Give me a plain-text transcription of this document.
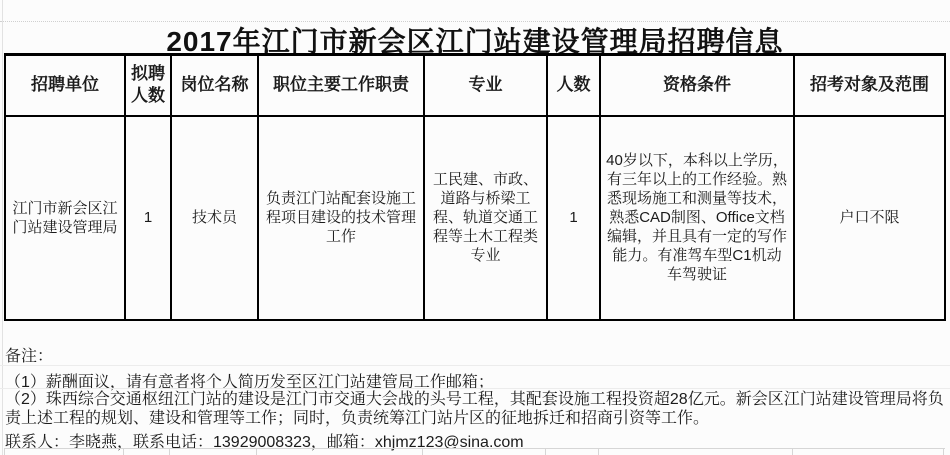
2017年江门市新会区江门站建设管理局招聘信息
招聘单位	拟聘人数	岗位名称	职位主要工作职责	专业	人数	资格条件	招考对象及范围
江门市新会区江门站建设管理局	1	技术员	负责江门站配套设施工程项目建设的技术管理工作	工民建、市政、道路与桥梁工程、轨道交通工程等土木工程类专业	1	40岁以下，本科以上学历，有三年以上的工作经验。熟悉现场施工和测量等技术，熟悉CAD制图、Office文档编辑，并且具有一定的写作能力。有准驾车型C1机动车驾驶证	户口不限
备注：
（1）薪酬面议，请有意者将个人简历发至区江门站建管局工作邮箱；
（2）珠西综合交通枢纽江门站的建设是江门市交通大会战的头号工程，其配套设施工程投资超28亿元。新会区江门站建设管理局将负责上述工程的规划、建设和管理等工作；同时，负责统筹江门站片区的征地拆迁和招商引资等工作。
联系人：李晓燕，联系电话：13929008323，邮箱：xhjmz123@sina.com
